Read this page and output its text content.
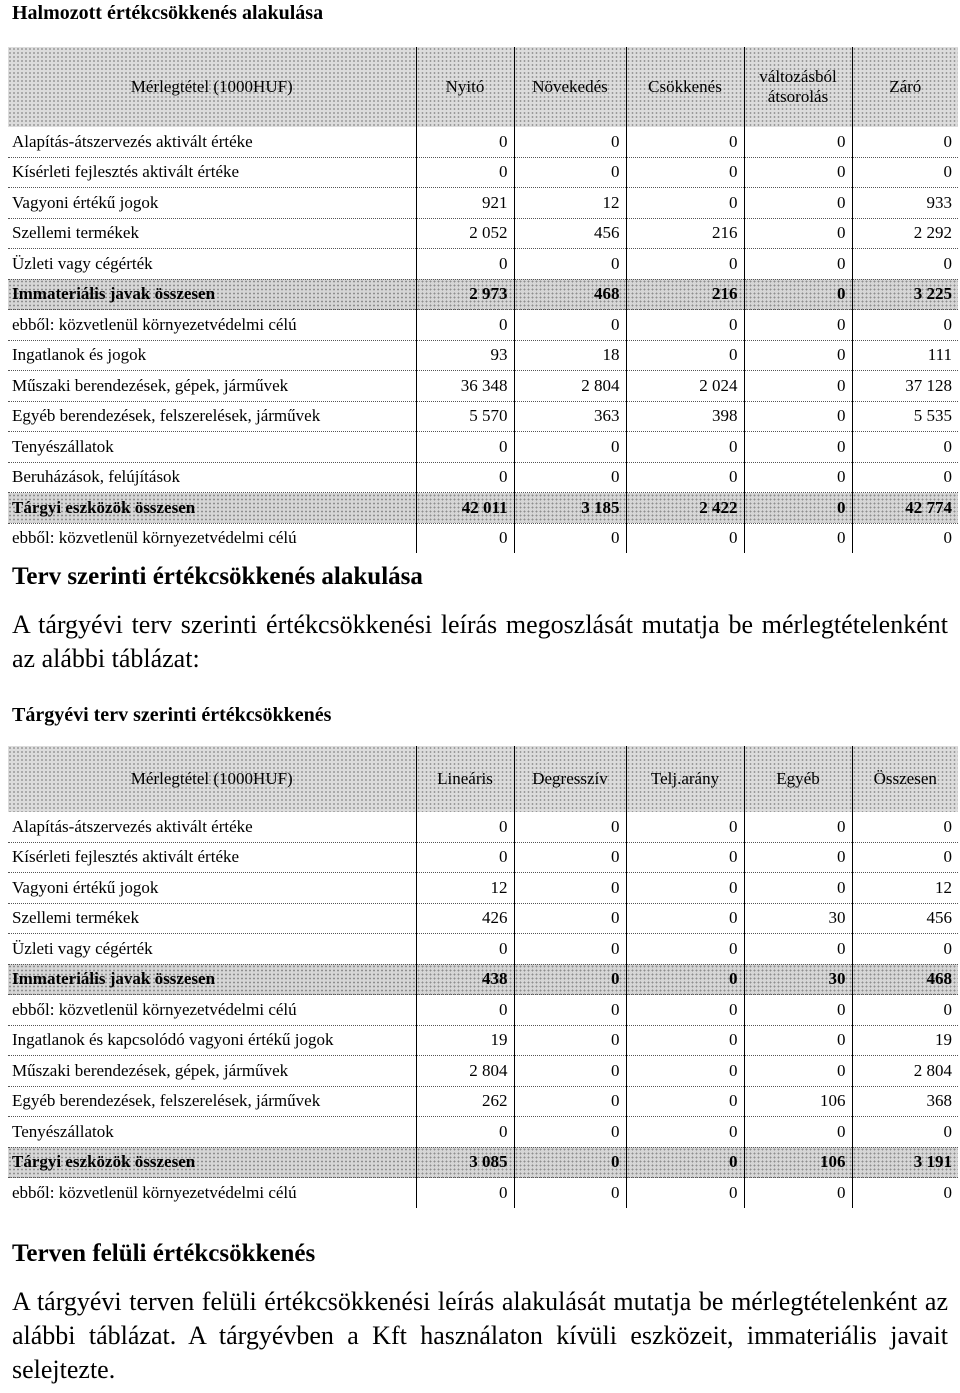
Halmozott értékcsökkenés alakulása
Mérlegtétel (1000HUF)	Nyitó	Növekedés	Csökkenés	változásból átsorolás	Záró
Alapítás-átszervezés aktivált értéke	0	0	0	0	0
Kísérleti fejlesztés aktivált értéke	0	0	0	0	0
Vagyoni értékű jogok	921	12	0	0	933
Szellemi termékek	2 052	456	216	0	2 292
Üzleti vagy cégérték	0	0	0	0	0
Immateriális javak összesen	2 973	468	216	0	3 225
ebből: közvetlenül környezetvédelmi célú	0	0	0	0	0
Ingatlanok és jogok	93	18	0	0	111
Műszaki berendezések, gépek, járművek	36 348	2 804	2 024	0	37 128
Egyéb berendezések, felszerelések, járművek	5 570	363	398	0	5 535
Tenyészállatok	0	0	0	0	0
Beruházások, felújítások	0	0	0	0	0
Tárgyi eszközök összesen	42 011	3 185	2 422	0	42 774
ebből: közvetlenül környezetvédelmi célú	0	0	0	0	0
Terv szerinti értékcsökkenés alakulása

A tárgyévi terv szerinti értékcsökkenési leírás megoszlását mutatja be mérlegtételenként az alábbi táblázat:

Tárgyévi terv szerinti értékcsökkenés
Mérlegtétel (1000HUF)	Lineáris	Degresszív	Telj.arány	Egyéb	Összesen
Alapítás-átszervezés aktivált értéke	0	0	0	0	0
Kísérleti fejlesztés aktivált értéke	0	0	0	0	0
Vagyoni értékű jogok	12	0	0	0	12
Szellemi termékek	426	0	0	30	456
Üzleti vagy cégérték	0	0	0	0	0
Immateriális javak összesen	438	0	0	30	468
ebből: közvetlenül környezetvédelmi célú	0	0	0	0	0
Ingatlanok és kapcsolódó vagyoni értékű jogok	19	0	0	0	19
Műszaki berendezések, gépek, járművek	2 804	0	0	0	2 804
Egyéb berendezések, felszerelések, járművek	262	0	0	106	368
Tenyészállatok	0	0	0	0	0
Tárgyi eszközök összesen	3 085	0	0	106	3 191
ebből: közvetlenül környezetvédelmi célú	0	0	0	0	0
Terven felüli értékcsökkenés

A tárgyévi terven felüli értékcsökkenési leírás alakulását mutatja be mérlegtételenként az alábbi táblázat. A tárgyévben a Kft használaton kívüli eszközeit, immateriális javait selejtezte.
